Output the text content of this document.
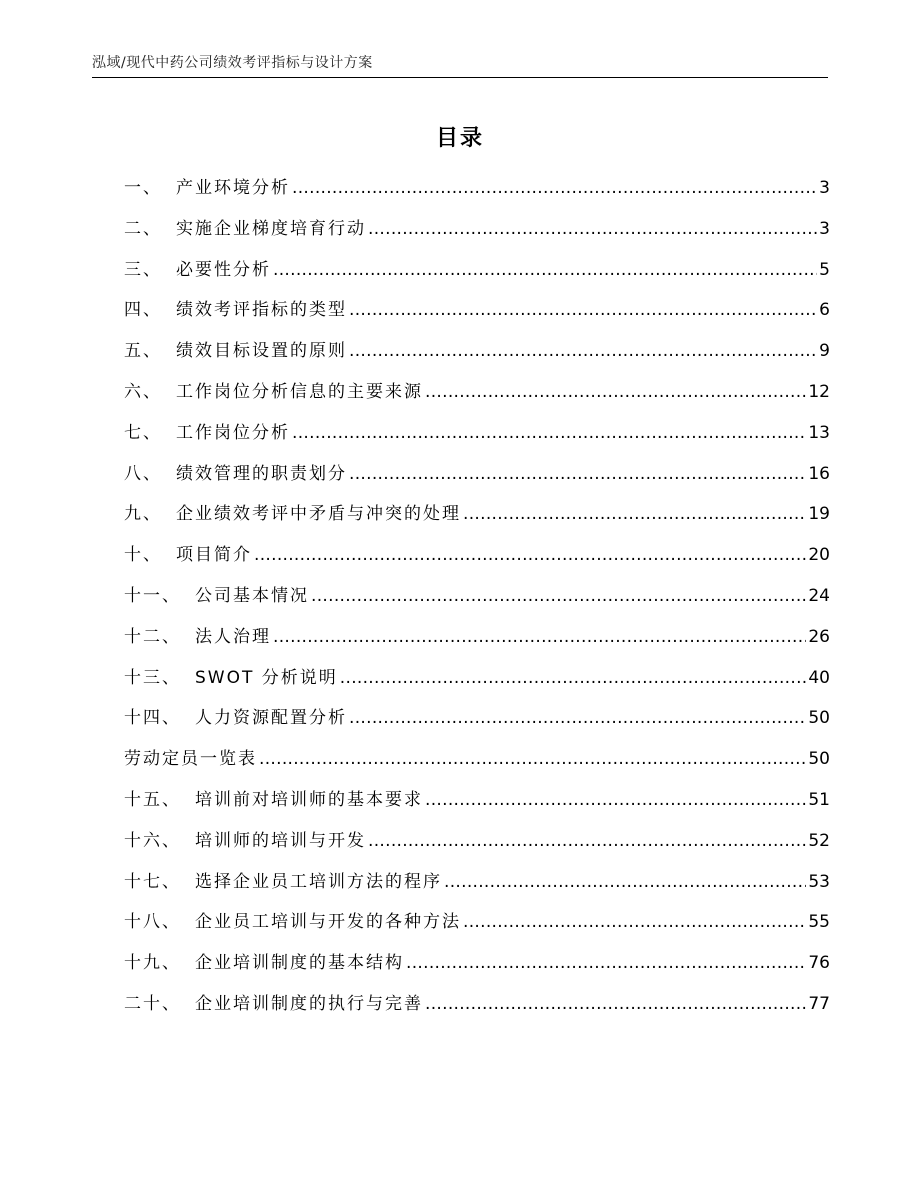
泓域/现代中药公司绩效考评指标与设计方案
目录
一、 产业环境分析 .....	3
二、 实施企业梯度培育行动 .....	3
三、 必要性分析 .....	5
四、 绩效考评指标的类型 .....	6
五、 绩效目标设置的原则 .....	9
六、 工作岗位分析信息的主要来源 .....	12
七、 工作岗位分析 .....	13
八、 绩效管理的职责划分 .....	16
九、 企业绩效考评中矛盾与冲突的处理 .....	19
十、 项目简介 .....	20
十一、 公司基本情况 .....	24
十二、 法人治理 .....	26
十三、 SWOT 分析说明 .....	40
十四、 人力资源配置分析 .....	50
劳动定员一览表 .....	50
十五、 培训前对培训师的基本要求 .....	51
十六、 培训师的培训与开发 .....	52
十七、 选择企业员工培训方法的程序 .....	53
十八、 企业员工培训与开发的各种方法 .....	55
十九、 企业培训制度的基本结构 .....	76
二十、 企业培训制度的执行与完善 .....	77
